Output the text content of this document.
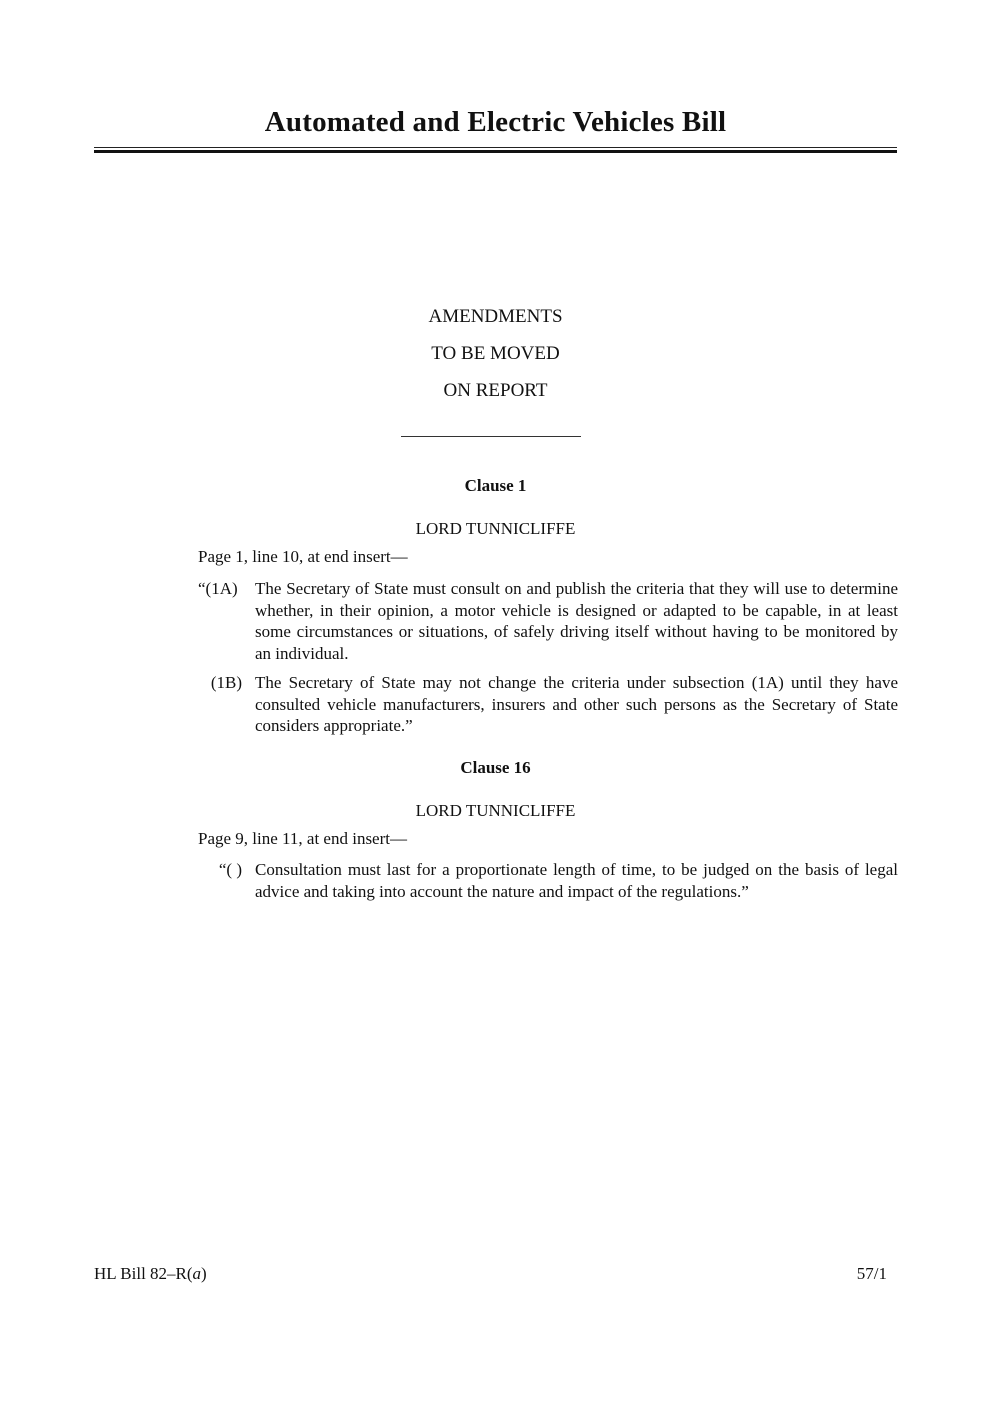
Automated and Electric Vehicles Bill
AMENDMENTS
TO BE MOVED
ON REPORT
Clause 1
LORD TUNNICLIFFE
Page 1, line 10, at end insert—
“(1A)	The Secretary of State must consult on and publish the criteria that they will use to determine whether, in their opinion, a motor vehicle is designed or adapted to be capable, in at least some circumstances or situations, of safely driving itself without having to be monitored by an individual.
(1B) The Secretary of State may not change the criteria under subsection (1A) until they have consulted vehicle manufacturers, insurers and other such persons as the Secretary of State considers appropriate.”
Clause 16
LORD TUNNICLIFFE
Page 9, line 11, at end insert—
“( ) Consultation must last for a proportionate length of time, to be judged on the basis of legal advice and taking into account the nature and impact of the regulations.”
HL Bill 82–R(a)	57/1
